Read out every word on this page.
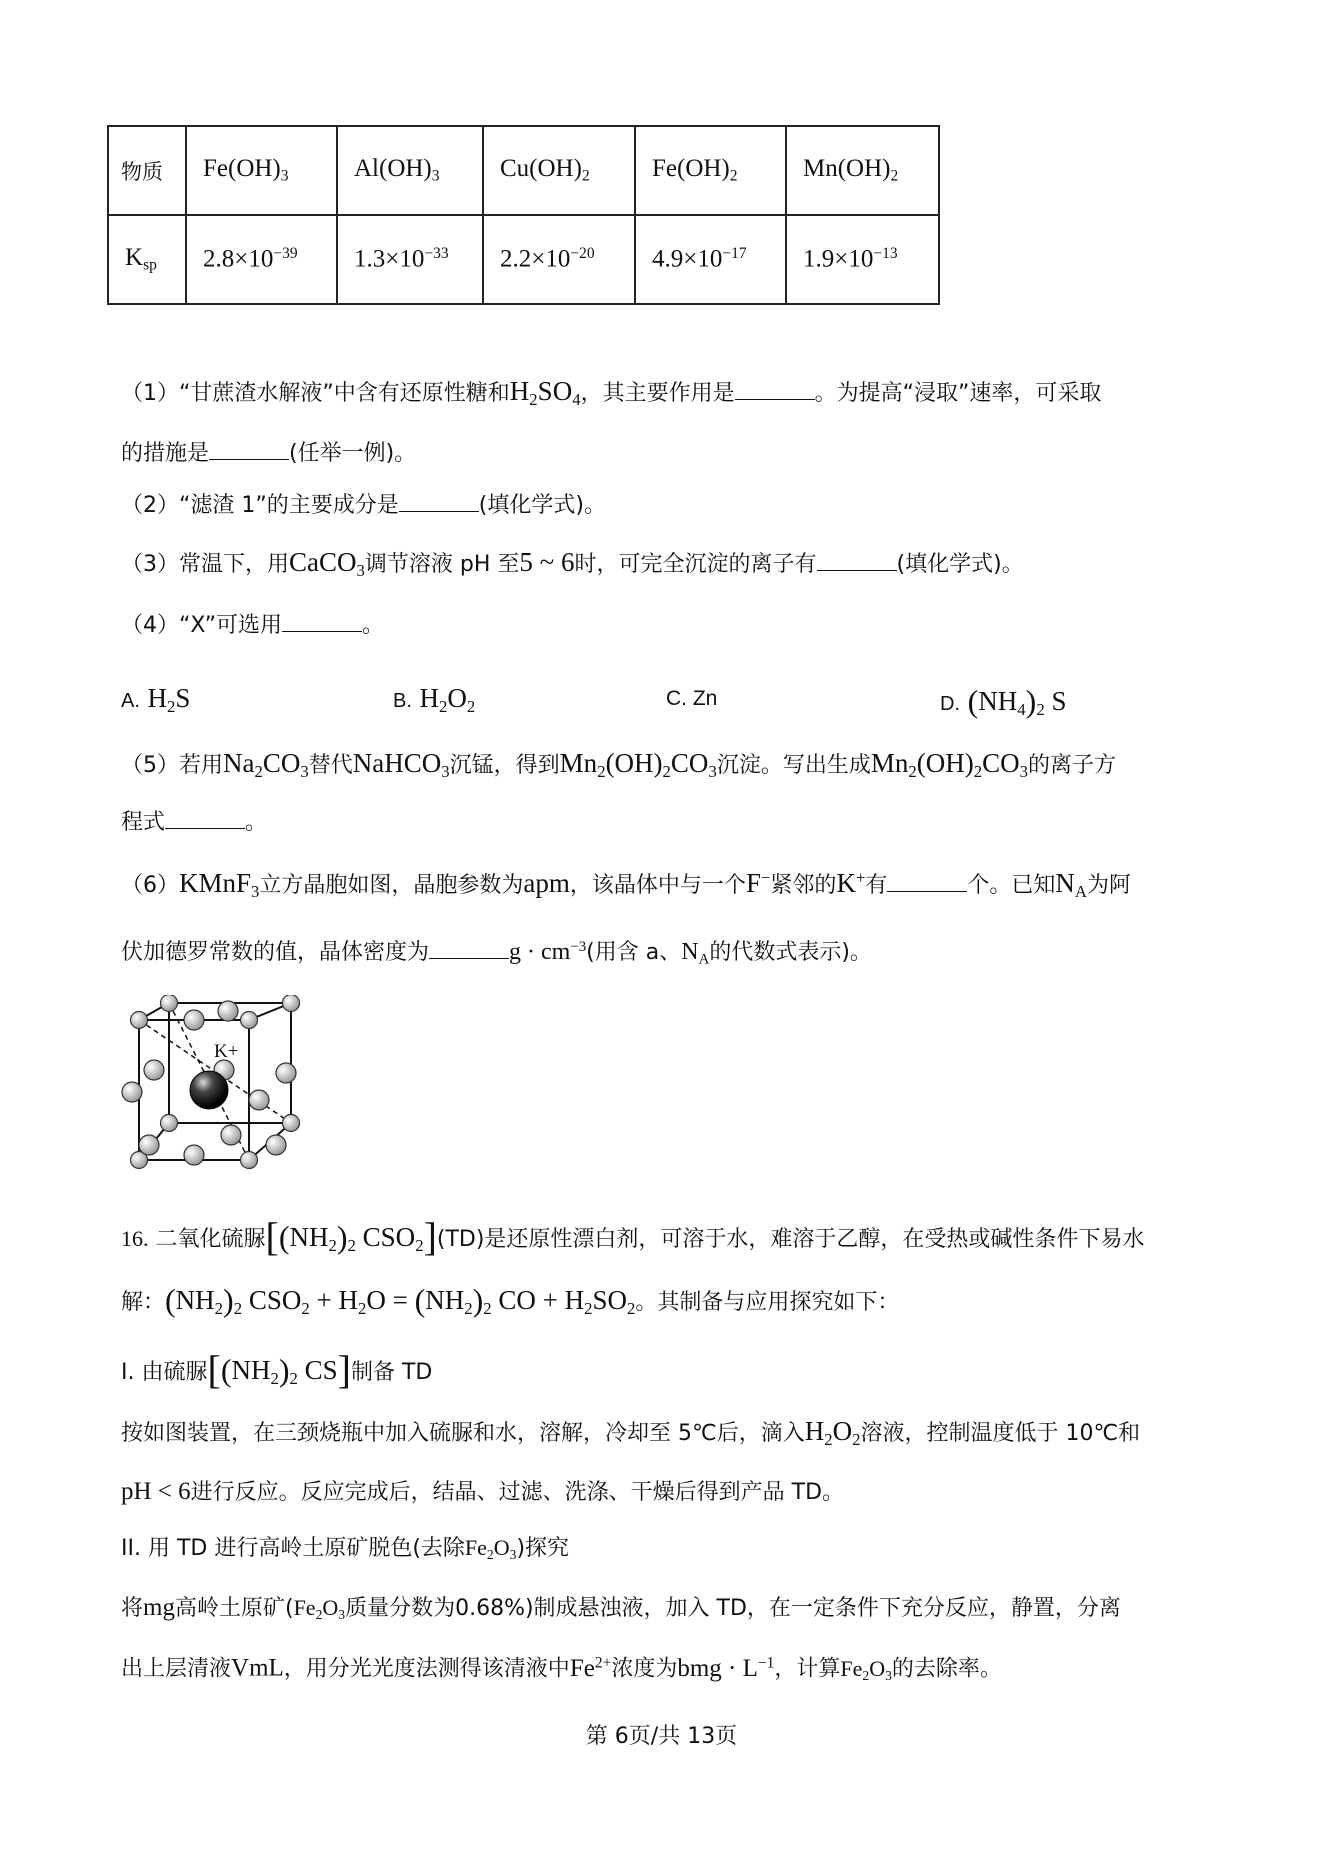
物质	$Fe(OH)_3$	$Al(OH)_3$	$Cu(OH)_2$	$Fe(OH)_2$	$Mn(OH)_2$
$K_{sp}$	$2.8\times 10^{-39}$	$1.3\times 10^{-33}$	$2.2\times 10^{-20}$	$4.9\times 10^{-17}$	$1.9\times 10^{-13}$
（1）“甘蔗渣水解液”中含有还原性糖和$H_2SO_4$，其主要作用是	。为提高“浸取”速率，可采取
的措施是	(任举一例)。
（2）“滤渣 1”的主要成分是	(填化学式)。
（3）常温下，用CaCO$_3$调节溶液 pH 至5 ~ 6时，可完全沉淀的离子有	(填化学式)。
（4）“X”可选用	。
A. $H_2S$	B. $H_2O_2$	C. Zn	D. $(NH_4)_2$ S
（5）若用$Na_2CO_3$替代NaHCO$_3$沉锰，得到$Mn_2(OH)_2CO_3$沉淀。写出生成$Mn_2(OH)_2CO_3$的离子方
程式	。
（6）KMnF$_3$立方晶胞如图，晶胞参数为apm，该晶体中与一个F−紧邻的K+有	个。已知$N_A$为阿
伏加德罗常数的值，晶体密度为	$g \cdot cm^{-3}$(用含 a、$N_A$的代数式表示)。
K+
16. 二氧化硫脲[$(NH_2)_2$ $CSO_2](TD)$是还原性漂白剂，可溶于水，难溶于乙醇，在受热或碱性条件下易水
解：$(NH_2)_2$ $CSO_2 + H_2O = (NH_2)_2$ CO + $H_2SO_2$。其制备与应用探究如下：
I. 由硫脲[$(NH_2)_2$ CS]制备 TD
按如图装置，在三颈烧瓶中加入硫脲和水，溶解，冷却至 5℃后，滴入$H_2O_2$溶液，控制温度低于 10℃和
pH < 6进行反应。反应完成后，结晶、过滤、洗涤、干燥后得到产品 TD。
II. 用 TD 进行高岭土原矿脱色(去除$Fe_2O_3$)探究
将mg高岭土原矿($Fe_2O_3$质量分数为0.68%)制成悬浊液，加入 TD，在一定条件下充分反应，静置，分离
出上层清液VmL，用分光光度法测得该清液中$Fe^{2+}$浓度为bmg · $L^{-1}$，计算$Fe_2O_3$的去除率。
第 6页/共 13页
